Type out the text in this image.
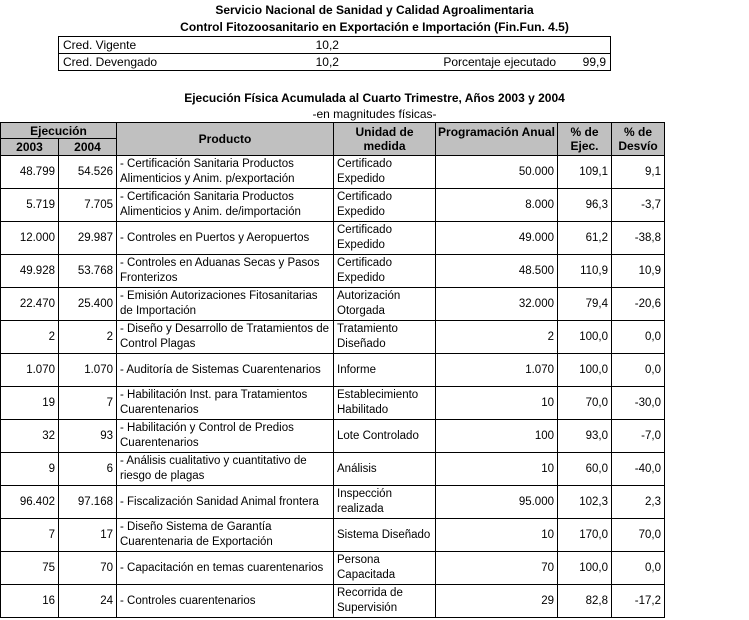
Servicio Nacional de Sanidad y Calidad Agroalimentaria
Control Fitozoosanitario en Exportación e Importación (Fin.Fun. 4.5)
Cred. Vigente	10,2		
Cred. Devengado	10,2	Porcentaje ejecutado	99,9
Ejecución Física Acumulada al Cuarto Trimestre, Años 2003 y 2004
-en magnitudes físicas-
Ejecución		Producto	Unidad de medida	Programación Anual	% de Ejec.	% de Desvío
2003	2004					
48.799	54.526	- Certificación Sanitaria Productos Alimenticios y Anim. p/exportación	Certificado Expedido	50.000	109,1	9,1
5.719	7.705	- Certificación Sanitaria Productos Alimenticios y Anim. de/importación	Certificado Expedido	8.000	96,3	-3,7
12.000	29.987	- Controles en Puertos y Aeropuertos	Certificado Expedido	49.000	61,2	-38,8
49.928	53.768	- Controles en Aduanas Secas y Pasos Fronterizos	Certificado Expedido	48.500	110,9	10,9
22.470	25.400	- Emisión Autorizaciones Fitosanitarias de Importación	Autorización Otorgada	32.000	79,4	-20,6
2	2	- Diseño y Desarrollo de Tratamientos de Control Plagas	Tratamiento Diseñado	2	100,0	0,0
1.070	1.070	- Auditoría de Sistemas Cuarentenarios	Informe	1.070	100,0	0,0
19	7	- Habilitación Inst. para Tratamientos Cuarentenarios	Establecimiento Habilitado	10	70,0	-30,0
32	93	- Habilitación y Control de Predios Cuarentenarios	Lote Controlado	100	93,0	-7,0
9	6	- Análisis cualitativo y cuantitativo de riesgo de plagas	Análisis	10	60,0	-40,0
96.402	97.168	- Fiscalización Sanidad Animal frontera	Inspección realizada	95.000	102,3	2,3
7	17	- Diseño Sistema de Garantía Cuarentenaria de Exportación	Sistema Diseñado	10	170,0	70,0
75	70	- Capacitación en temas cuarentenarios	Persona Capacitada	70	100,0	0,0
16	24	- Controles cuarentenarios	Recorrida de Supervisión	29	82,8	-17,2
